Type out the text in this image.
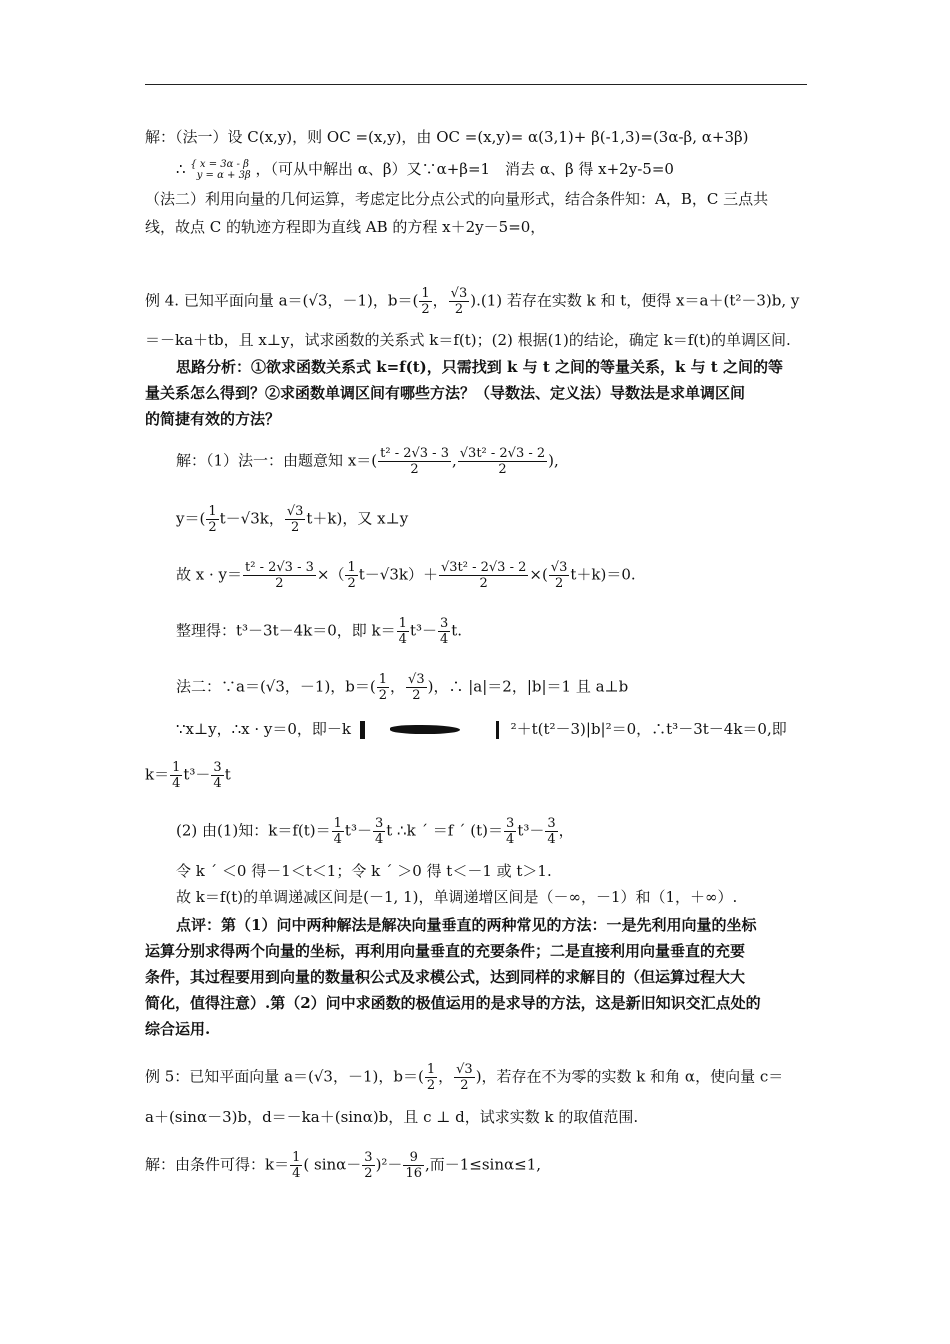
解：（法一）设 C(x,y)，则 OC =(x,y)，由 OC =(x,y)= α(3,1)+ β(-1,3)=(3α-β, α+3β)
∴ { x = 3α - β
y = α + 3β ，（可从中解出 α、β）又∵α+β=1　消去 α、β 得 x+2y-5=0
（法二）利用向量的几何运算，考虑定比分点公式的向量形式，结合条件知：A，B，C 三点共
线，故点 C 的轨迹方程即为直线 AB 的方程 x＋2y－5=0，
例 4. 已知平面向量 a＝(√3，－1)，$b=( \frac{1}{2}$ ， $\frac{√3}{2} ).(1)$ 若存在实数 k 和 t，便得 x＝a＋(t²－3)b, y
＝－ka＋tb，且 x⊥y，试求函数的关系式 k＝f(t)；(2) 根据(1)的结论，确定 k＝f(t)的单调区间.
思路分析：①欲求函数关系式 k=f(t)，只需找到 k 与 t 之间的等量关系，k 与 t 之间的等
量关系怎么得到？②求函数单调区间有哪些方法？（导数法、定义法）导数法是求单调区间
的简捷有效的方法？
解：（1）法一：由题意知 $x=( \frac{\text{t² - 2√3 - 3}}{2}$ , $\frac{\text{√3t² - 2√3 - 2}}{2}$ ),
$y=( \frac{1}{2} t-√3k$， $\frac{√3}{2} t+k$)，又 x⊥y
故 $x \cdot y= \frac{\text{t² - 2√3 - 3}}{2}$ ×（ $\frac{1}{2} t-√3k)+ \frac{\text{√3t² - 2√3 - 2}}{2}$ ×( $\frac{√3}{2} t+k)=0$.
整理得：t³－3t－4k＝0，即 $k= \frac{1}{4} t^3- \frac{3}{4} t$.
法二：∵a＝(√3，－1)，$b=( \frac{1}{2}$ ， $\frac{√3}{2}$ )，∴ |a|＝2，|b|＝1 且 a⊥b
∵x⊥y，∴x · y＝0，即－k	²＋t(t²－3)|b|²＝0，∴t³－3t－4k＝0,即
$k= \frac{1}{4} t^3- \frac{3}{4}$ t
(2) 由(1)知：$k=f(t)= \frac{1}{4} t^3- \frac{3}{4}$ t ∴k ´ ＝f ´ $(t)= \frac{3}{4} t^3- \frac{3}{4}$ ，
令 k ´ ＜0 得－1＜t＜1；令 k ´ ＞0 得 t＜－1 或 t＞1.
故 k＝f(t)的单调递减区间是(－1, 1)，单调递增区间是（－∞，－1）和（1，＋∞）.
点评：第（1）问中两种解法是解决向量垂直的两种常见的方法：一是先利用向量的坐标
运算分别求得两个向量的坐标，再利用向量垂直的充要条件；二是直接利用向量垂直的充要
条件，其过程要用到向量的数量积公式及求模公式，达到同样的求解目的（但运算过程大大
简化，值得注意）.第（2）问中求函数的极值运用的是求导的方法，这是新旧知识交汇点处的
综合运用.
例 5：已知平面向量 a＝(√3，－1)，$b=( \frac{1}{2}$ ， $\frac{√3}{2}$ )，若存在不为零的实数 k 和角 α，使向量 c＝
a＋(sinα－3)b，d＝－ka＋(sinα)b，且 c ⊥ d，试求实数 k 的取值范围.
解：由条件可得：$k= \frac{1}{4}$ ( $\sin\alpha- \frac{3}{2} )^2- \frac{9}{16}$ ,而－1≤sinα≤1,
